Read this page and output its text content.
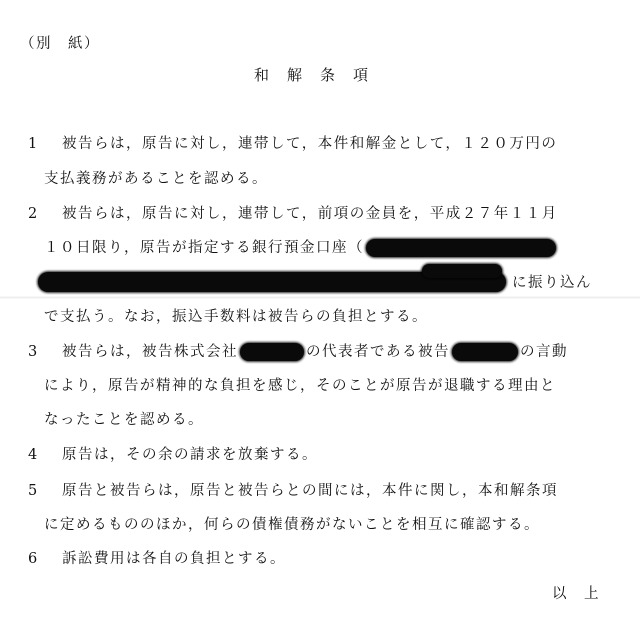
（別　紙）
和解条項
1 被告らは，原告に対し，連帯して，本件和解金として，１２０万円の
支払義務があることを認める。
2 被告らは，原告に対し，連帯して，前項の金員を，平成２７年１１月
１０日限り，原告が指定する銀行預金口座（
に振り込ん
で支払う。なお，振込手数料は被告らの負担とする。
3 被告らは，被告株式会社	の代表者である被告	の言動
により，原告が精神的な負担を感じ，そのことが原告が退職する理由と
なったことを認める。
4 原告は，その余の請求を放棄する。
5 原告と被告らは，原告と被告らとの間には，本件に関し，本和解条項
に定めるもののほか，何らの債権債務がないことを相互に確認する。
6 訴訟費用は各自の負担とする。
以　上
